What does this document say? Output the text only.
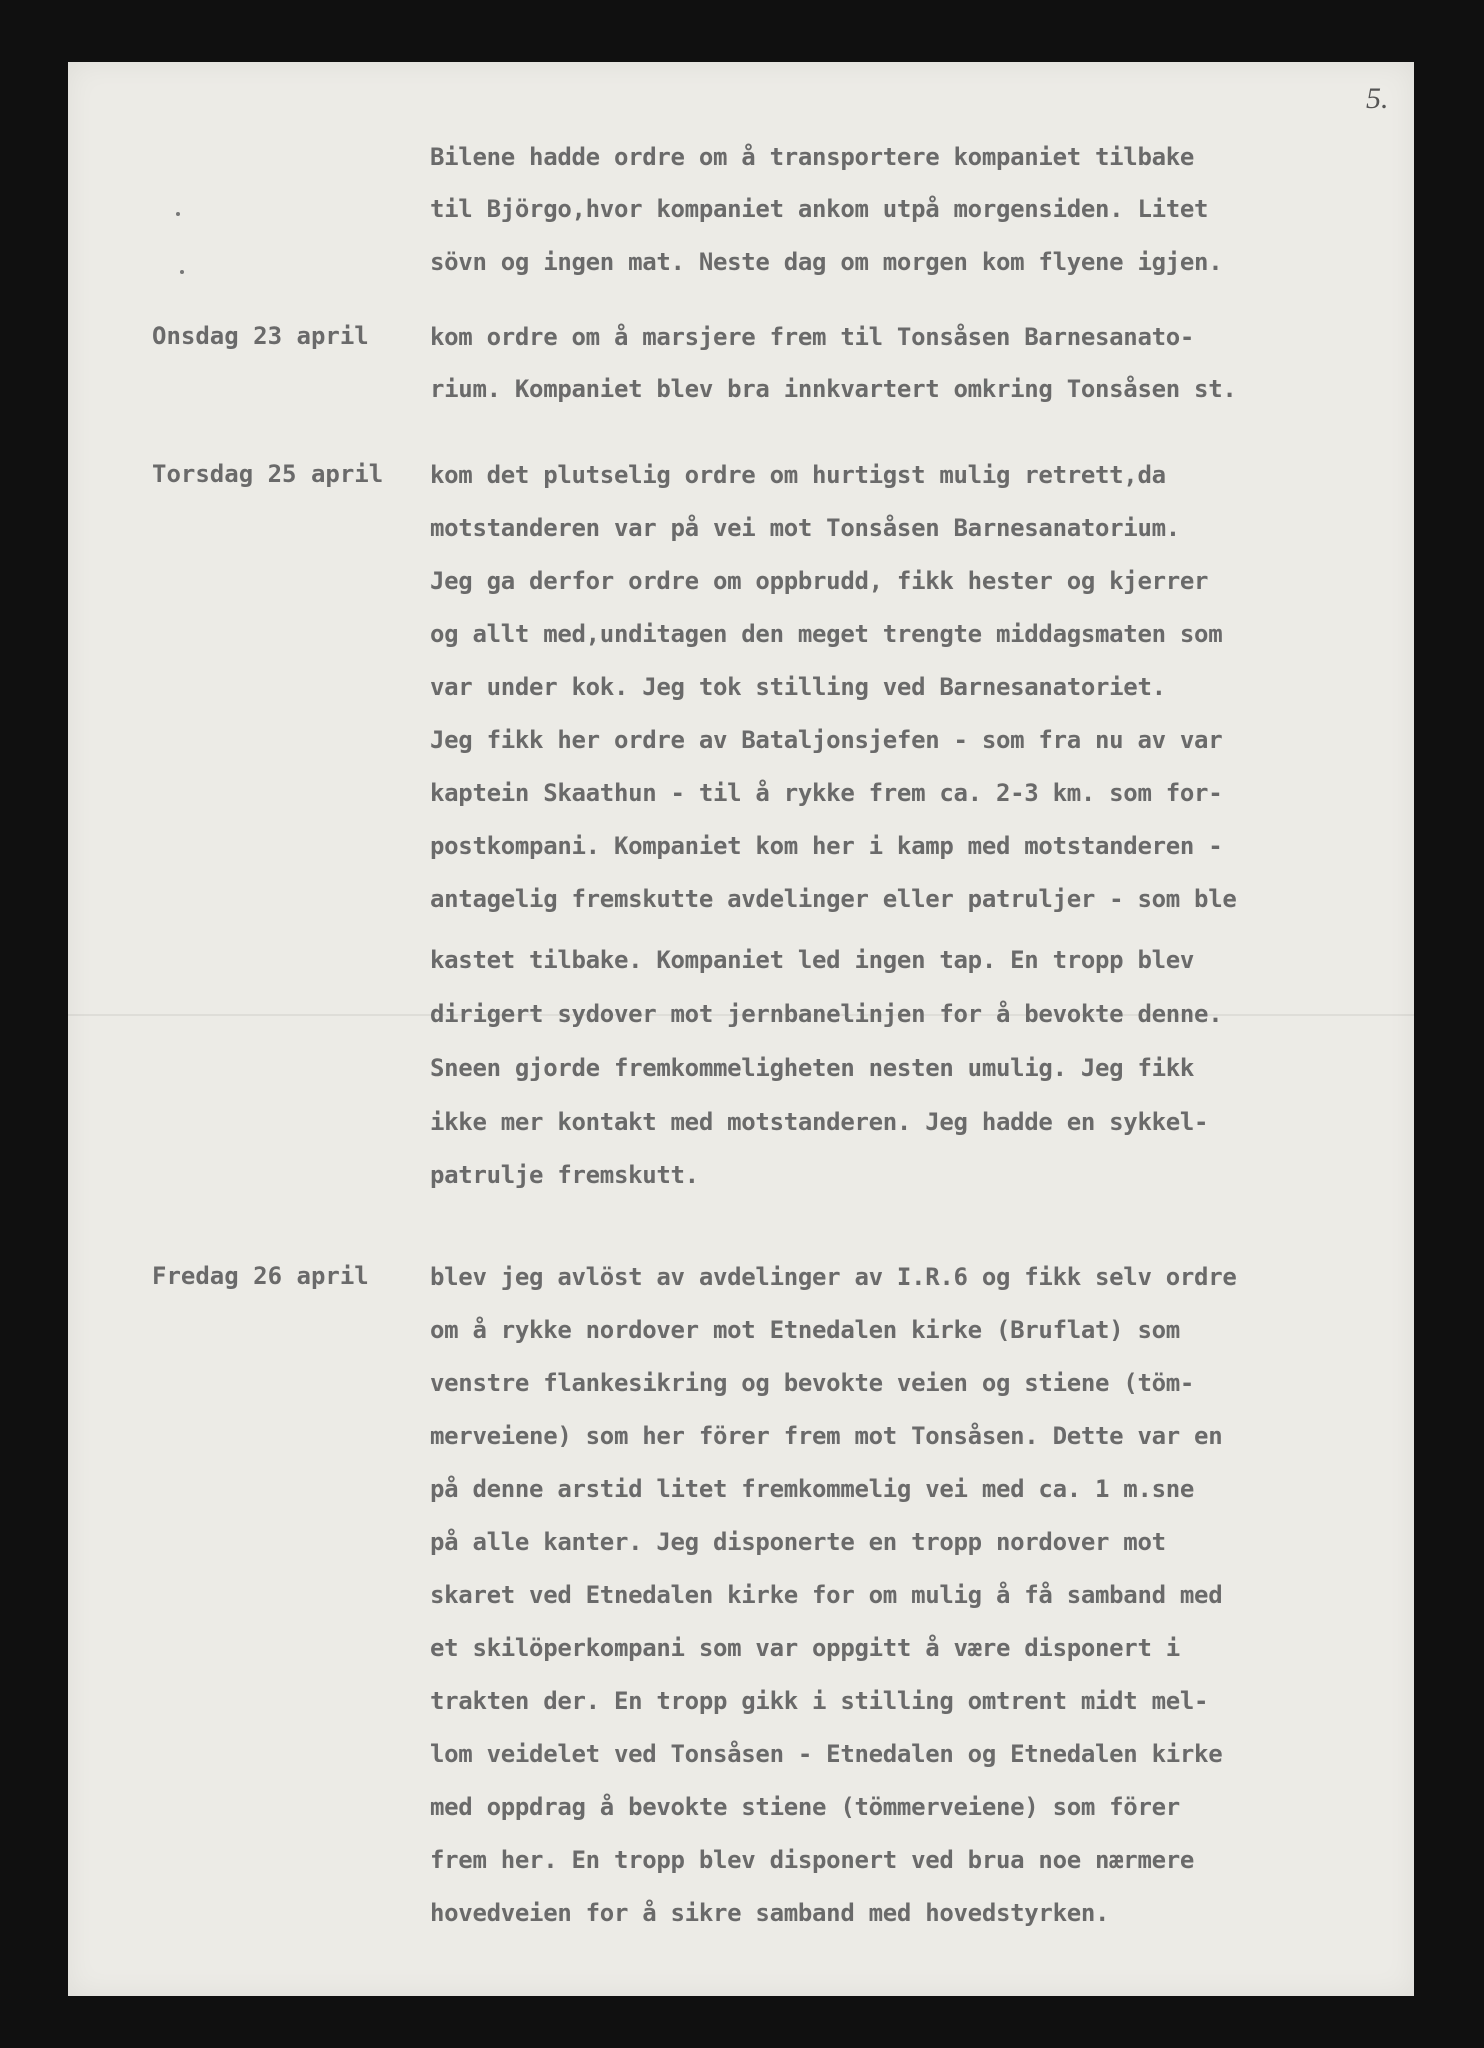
5.
Bilene hadde ordre om å transportere kompaniet tilbake
til Björgo,hvor kompaniet ankom utpå morgensiden. Litet
sövn og ingen mat. Neste dag om morgen kom flyene igjen.
Onsdag 23 april	kom ordre om å marsjere frem til Tonsåsen Barnesanato-
rium. Kompaniet blev bra innkvartert omkring Tonsåsen st.
Torsdag 25 april kom det plutselig ordre om hurtigst mulig retrett,da
motstanderen var på vei mot Tonsåsen Barnesanatorium.
Jeg ga derfor ordre om oppbrudd, fikk hester og kjerrer
og allt med,unditagen den meget trengte middagsmaten som
var under kok. Jeg tok stilling ved Barnesanatoriet.
Jeg fikk her ordre av Bataljonsjefen - som fra nu av var
kaptein Skaathun - til å rykke frem ca. 2-3 km. som for-
postkompani. Kompaniet kom her i kamp med motstanderen -
antagelig fremskutte avdelinger eller patruljer - som ble
kastet tilbake. Kompaniet led ingen tap. En tropp blev
dirigert sydover mot jernbanelinjen for å bevokte denne.
Sneen gjorde fremkommeligheten nesten umulig. Jeg fikk
ikke mer kontakt med motstanderen. Jeg hadde en sykkel-
patrulje fremskutt.
Fredag 26 april	blev jeg avlöst av avdelinger av I.R.6 og fikk selv ordre
om å rykke nordover mot Etnedalen kirke (Bruflat) som
venstre flankesikring og bevokte veien og stiene (töm-
merveiene) som her förer frem mot Tonsåsen. Dette var en
på denne arstid litet fremkommelig vei med ca. 1 m.sne
på alle kanter. Jeg disponerte en tropp nordover mot
skaret ved Etnedalen kirke for om mulig å få samband med
et skilöperkompani som var oppgitt å være disponert i
trakten der. En tropp gikk i stilling omtrent midt mel-
lom veidelet ved Tonsåsen - Etnedalen og Etnedalen kirke
med oppdrag å bevokte stiene (tömmerveiene) som förer
frem her. En tropp blev disponert ved brua noe nærmere
hovedveien for å sikre samband med hovedstyrken.
